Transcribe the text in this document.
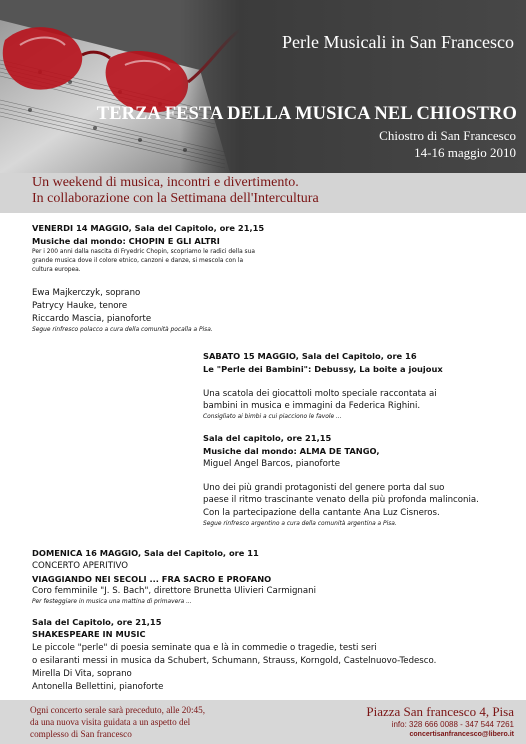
Perle Musicali in San Francesco
TERZA FESTA DELLA MUSICA NEL CHIOSTRO
Chiostro di San Francesco
14-16 maggio 2010
Un weekend di musica, incontri e divertimento.
In collaborazione con la Settimana dell'Intercultura
VENERDI 14 MAGGIO, Sala del Capitolo, ore 21,15
Musiche dal mondo: CHOPIN E GLI ALTRI
Per i 200 anni dalla nascita di Fryedric Chopin, scopriamo le radici della sua
grande musica dove il colore etnico, canzoni e danze, si mescola con la
cultura europea.
Ewa Majkerczyk, soprano
Patrycy Hauke, tenore
Riccardo Mascia, pianoforte
Segue rinfresco polacco a cura della comunità pocalla a Pisa.
SABATO 15 MAGGIO, Sala del Capitolo, ore 16
Le "Perle dei Bambini": Debussy, La boite a joujoux
Una scatola dei giocattoli molto speciale raccontata ai
bambini in musica e immagini da Federica Righini.
Consigliato ai bimbi a cui piacciono le favole ...
Sala del capitolo, ore 21,15
Musiche dal mondo: ALMA DE TANGO,
Miguel Angel Barcos, pianoforte
Uno dei più grandi protagonisti del genere porta dal suo
paese il ritmo trascinante venato della più profonda malinconia.
Con la partecipazione della cantante Ana Luz Cisneros.
Segue rinfresco argentino a cura della comunità argentina a Pisa.
DOMENICA 16 MAGGIO, Sala del Capitolo, ore 11
CONCERTO APERITIVO
VIAGGIANDO NEI SECOLI ... FRA SACRO E PROFANO
Coro femminile "J. S. Bach", direttore Brunetta Ulivieri Carmignani
Per festeggiare in musica una mattina di primavera ...
Sala del Capitolo, ore 21,15
SHAKESPEARE IN MUSIC
Le piccole "perle" di poesia seminate qua e là in commedie o tragedie, testi seri
o esilaranti messi in musica da Schubert, Schumann, Strauss, Korngold, Castelnuovo-Tedesco.
Mirella Di Vita, soprano
Antonella Bellettini, pianoforte
Ogni concerto serale sarà preceduto, alle 20:45,
da una nuova visita guidata a un aspetto del
complesso di San francesco
Piazza San francesco 4, Pisa
info: 328 666 0088 - 347 544 7261
concertisanfrancesco@libero.it
